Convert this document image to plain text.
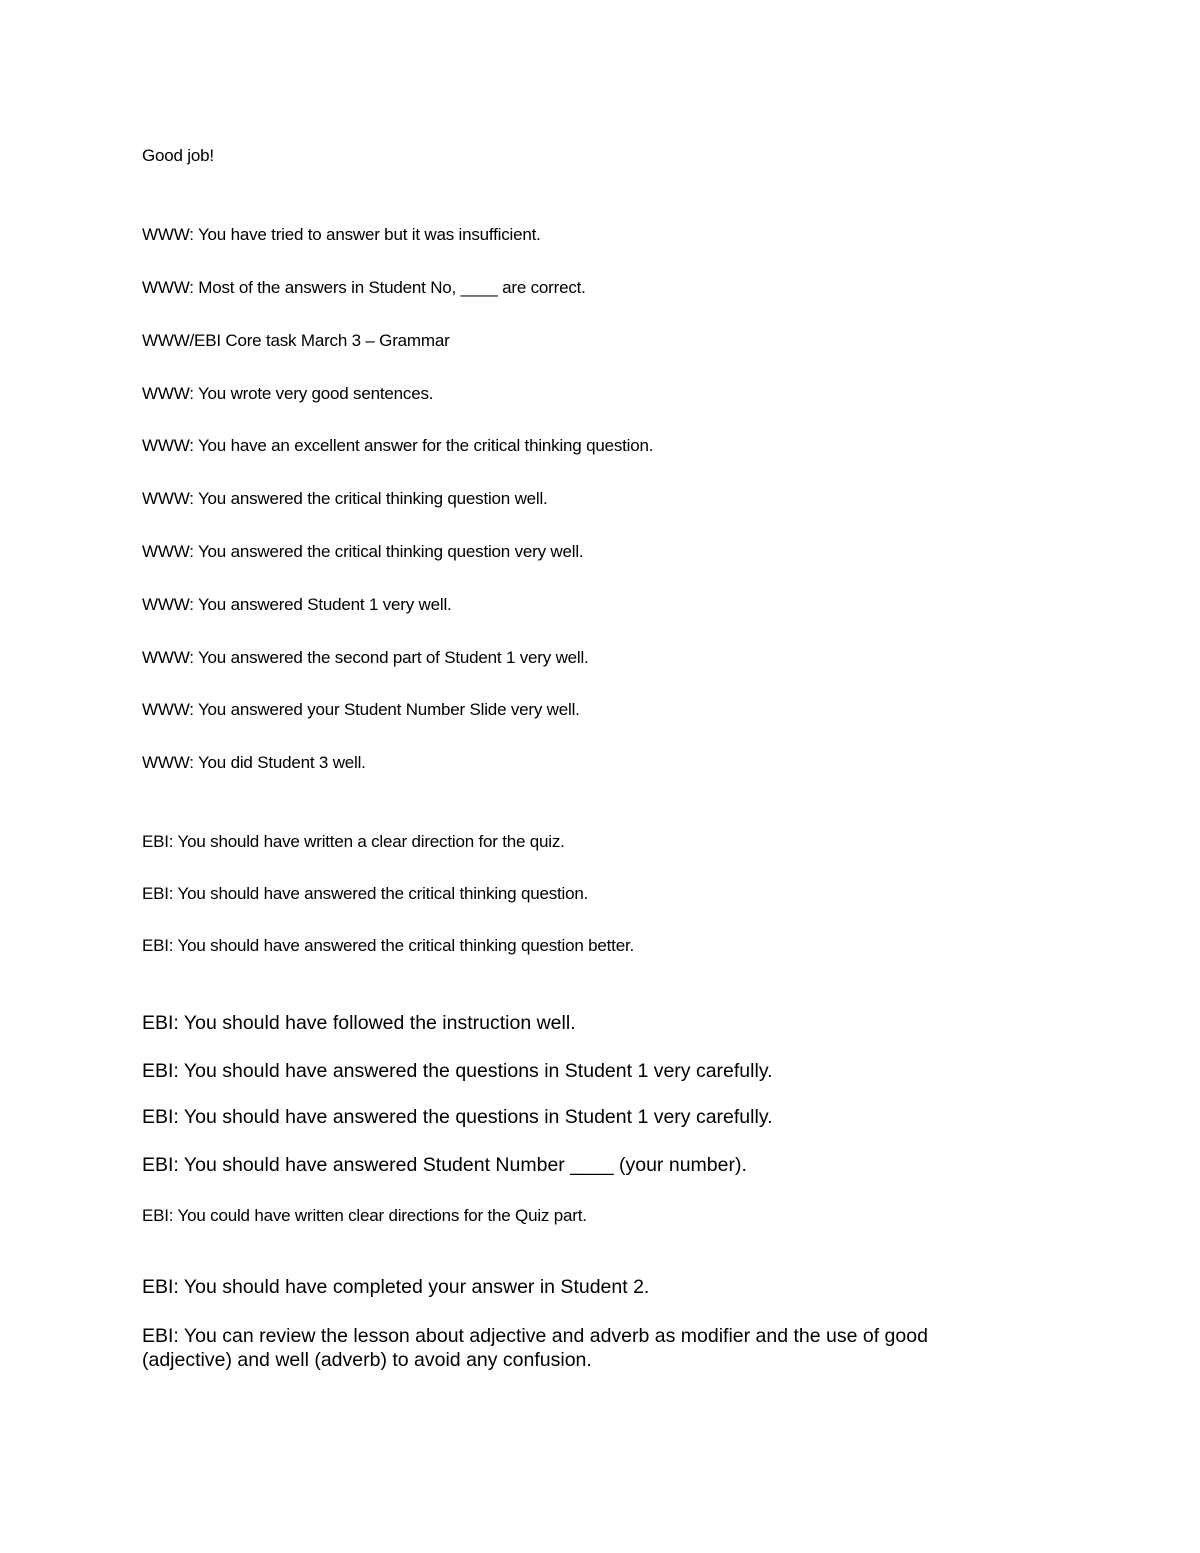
Good job!

WWW: You have tried to answer but it was insufficient.

WWW: Most of the answers in Student No, ____ are correct.

WWW/EBI Core task March 3 – Grammar

WWW: You wrote very good sentences.

WWW: You have an excellent answer for the critical thinking question.

WWW: You answered the critical thinking question well.

WWW: You answered the critical thinking question very well.

WWW: You answered Student 1 very well.

WWW: You answered the second part of Student 1 very well.

WWW: You answered your Student Number Slide very well.

WWW: You did Student 3 well.

EBI: You should have written a clear direction for the quiz.

EBI: You should have answered the critical thinking question.

EBI: You should have answered the critical thinking question better.

EBI: You should have followed the instruction well.

EBI: You should have answered the questions in Student 1 very carefully.

EBI: You should have answered the questions in Student 1 very carefully.

EBI: You should have answered Student Number ____ (your number).

EBI: You could have written clear directions for the Quiz part.

EBI: You should have completed your answer in Student 2.

EBI: You can review the lesson about adjective and adverb as modifier and the use of good (adjective) and well (adverb) to avoid any confusion.
